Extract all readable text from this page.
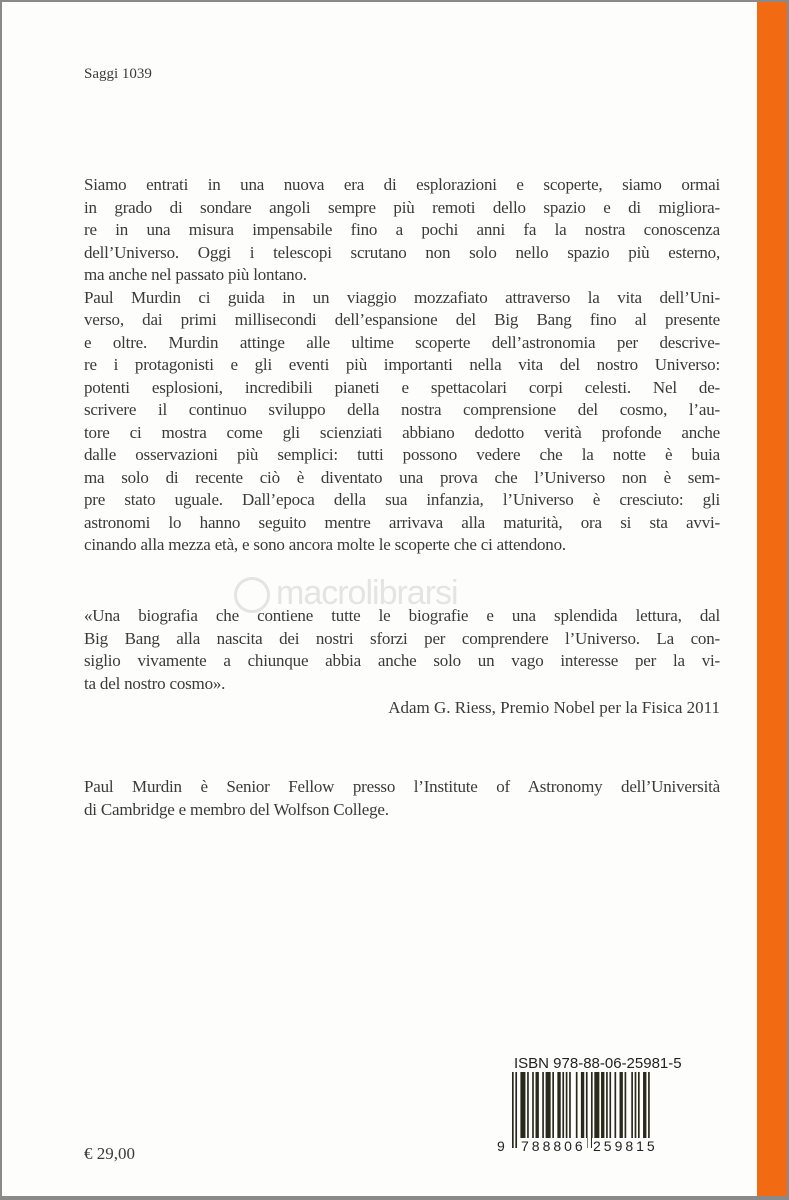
Saggi 1039
Siamo entrati in una nuova era di esplorazioni e scoperte, siamo ormai
in grado di sondare angoli sempre più remoti dello spazio e di migliora-
re in una misura impensabile fino a pochi anni fa la nostra conoscenza
dell’Universo. Oggi i telescopi scrutano non solo nello spazio più esterno,
ma anche nel passato più lontano.
Paul Murdin ci guida in un viaggio mozzafiato attraverso la vita dell’Uni-
verso, dai primi millisecondi dell’espansione del Big Bang fino al presente
e oltre. Murdin attinge alle ultime scoperte dell’astronomia per descrive-
re i protagonisti e gli eventi più importanti nella vita del nostro Universo:
potenti esplosioni, incredibili pianeti e spettacolari corpi celesti. Nel de-
scrivere il continuo sviluppo della nostra comprensione del cosmo, l’au-
tore ci mostra come gli scienziati abbiano dedotto verità profonde anche
dalle osservazioni più semplici: tutti possono vedere che la notte è buia
ma solo di recente ciò è diventato una prova che l’Universo non è sem-
pre stato uguale. Dall’epoca della sua infanzia, l’Universo è cresciuto: gli
astronomi lo hanno seguito mentre arrivava alla maturità, ora si sta avvi-
cinando alla mezza età, e sono ancora molte le scoperte che ci attendono.
macrolibrarsi
«Una biografia che contiene tutte le biografie e una splendida lettura, dal
Big Bang alla nascita dei nostri sforzi per comprendere l’Universo. La con-
siglio vivamente a chiunque abbia anche solo un vago interesse per la vi-
ta del nostro cosmo».
Adam G. Riess, Premio Nobel per la Fisica 2011
Paul Murdin è Senior Fellow presso l’Institute of Astronomy dell’Università
di Cambridge e membro del Wolfson College.
ISBN 978-88-06-25981-5
9 788806 259815
€ 29,00
